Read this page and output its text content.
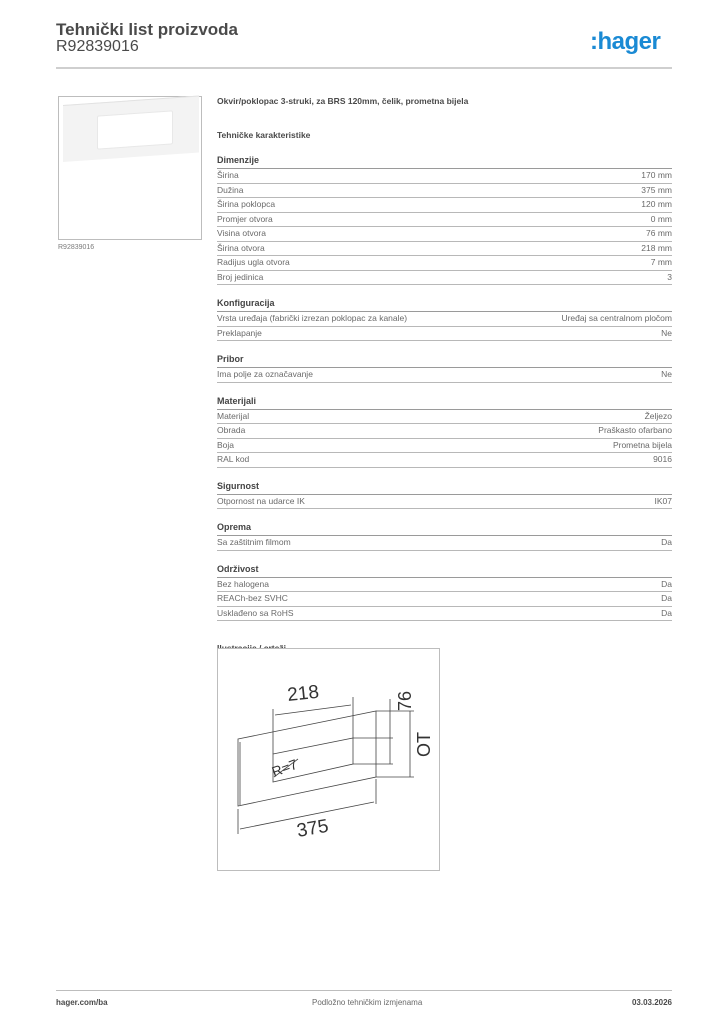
Tehnički list proizvoda
R92839016	:hager
R92839016
Okvir/poklopac 3-struki, za BRS 120mm, čelik, prometna bijela
Tehničke karakteristike
Dimenzije
Širina	170 mm
Dužina	375 mm
Širina poklopca	120 mm
Promjer otvora	0 mm
Visina otvora	76 mm
Širina otvora	218 mm
Radijus ugla otvora	7 mm
Broj jedinica	3
Konfiguracija
Vrsta uređaja (fabrički izrezan poklopac za kanale)	Uređaj sa centralnom pločom
Preklapanje	Ne
Pribor
Ima polje za označavanje	Ne
Materijali
Materijal	Željezo
Obrada	Praškasto ofarbano
Boja	Prometna bijela
RAL kod	9016
Sigurnost
Otpornost na udarce IK	IK07
Oprema
Sa zaštitnim filmom	Da
Održivost
Bez halogena	Da
REACh-bez SVHC	Da
Usklađeno sa RoHS	Da
218	76
OT
R=7
375
hager.com/ba	Podložno tehničkim izmjenama	03.03.2026
